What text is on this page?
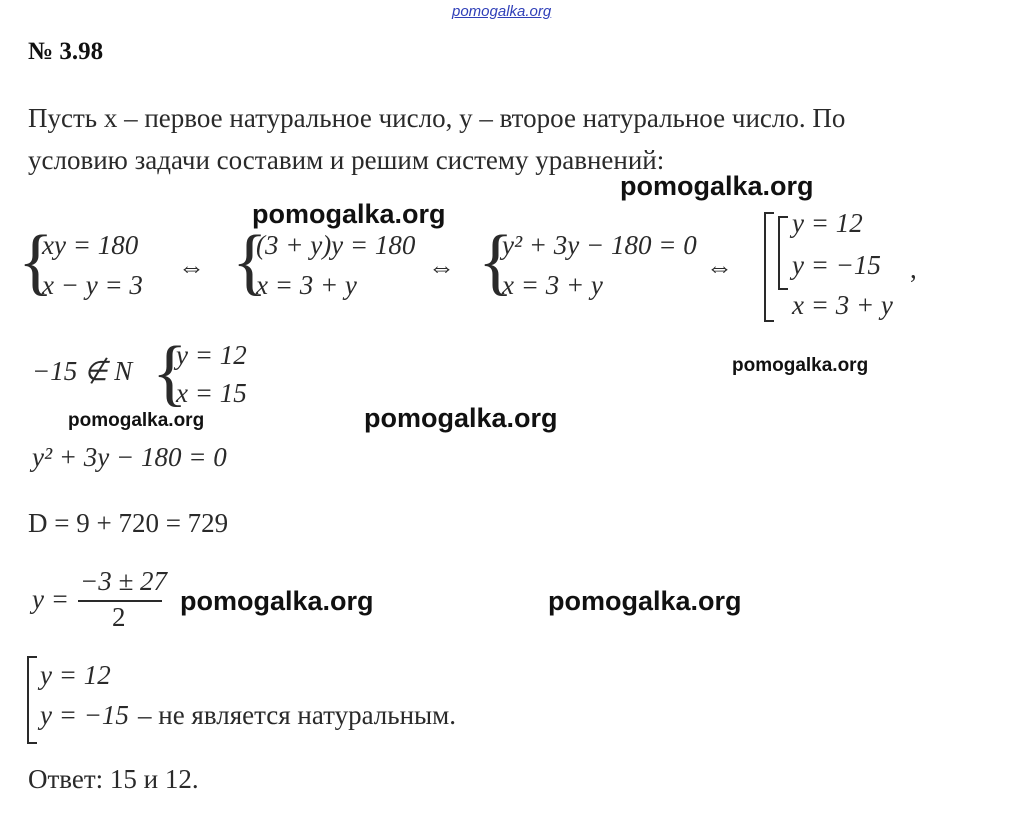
pomogalka.org
№ 3.98
Пусть x – первое натуральное число, y – второе натуральное число. По
условию задачи составим и решим систему уравнений:
pomogalka.org
pomogalka.org
pomogalka.org
pomogalka.org
pomogalka.org
pomogalka.org	pomogalka.org
{
xy = 180
x − y = 3
⇔ {
(3 + y)y = 180
x = 3 + y
⇔ {
y² + 3y − 180 = 0
x = 3 + y
⇔
y = 12
y = −15
x = 3 + y
,
−15 ∉ N {
y = 12
x = 15
y² + 3y − 180 = 0
D = 9 + 720 = 729
y =
−3 ± 27
2
y = 12
y = −15 – не является натуральным.
Ответ: 15 и 12.
